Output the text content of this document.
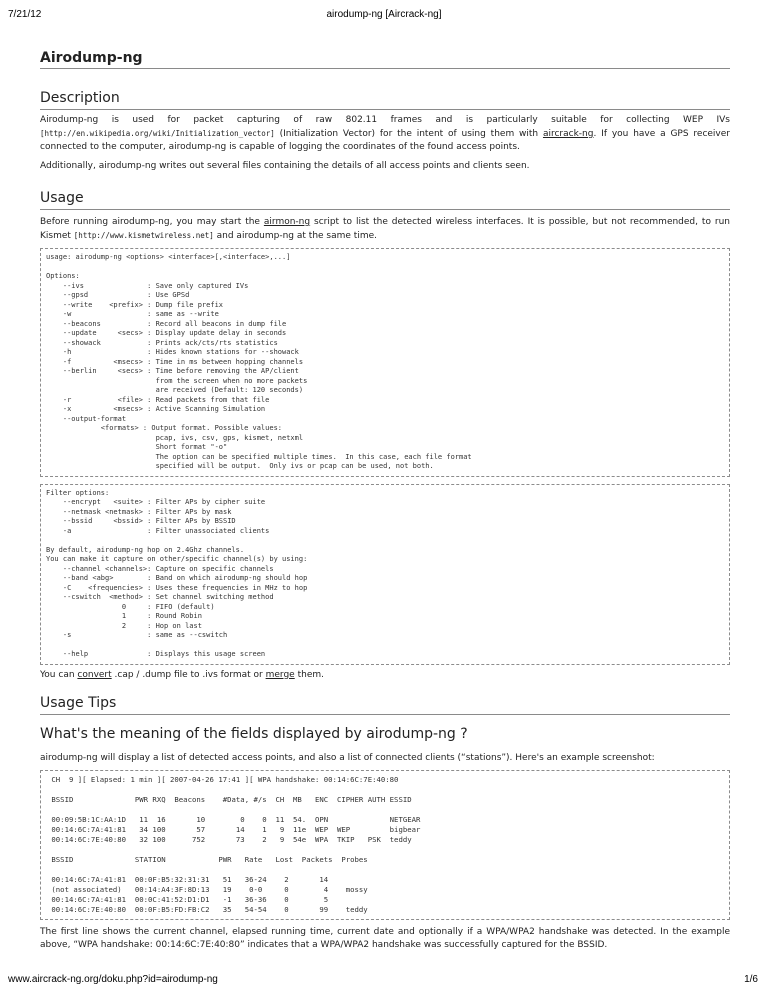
7/21/12	airodump-ng [Aircrack-ng]
Airodump-ng
Description

Airodump-ng is used for packet capturing of raw 802.11 frames and is particularly suitable for collecting WEP IVs [http://en.wikipedia.org/wiki/Initialization_vector] (Initialization Vector) for the intent of using them with aircrack-ng. If you have a GPS receiver connected to the computer, airodump-ng is capable of logging the coordinates of the found access points.

Additionally, airodump-ng writes out several files containing the details of all access points and clients seen.

Usage

Before running airodump-ng, you may start the airmon-ng script to list the detected wireless interfaces. It is possible, but not recommended, to run Kismet [http://www.kismetwireless.net] and airodump-ng at the same time.

usage: airodump-ng <options> <interface>[,<interface>,...]

Options:
--ivs               : Save only captured IVs
--gpsd              : Use GPSd
--write    <prefix> : Dump file prefix
-w                  : same as --write
--beacons           : Record all beacons in dump file
--update     <secs> : Display update delay in seconds
--showack           : Prints ack/cts/rts statistics
-h                  : Hides known stations for --showack
-f          <msecs> : Time in ms between hopping channels
--berlin     <secs> : Time before removing the AP/client
from the screen when no more packets
are received (Default: 120 seconds)
-r           <file> : Read packets from that file
-x          <msecs> : Active Scanning Simulation
--output-format
<formats> : Output format. Possible values:
pcap, ivs, csv, gps, kismet, netxml
Short format "-o"
The option can be specified multiple times.  In this case, each file format
specified will be output.  Only ivs or pcap can be used, not both.
Filter options:
--encrypt   <suite> : Filter APs by cipher suite
--netmask <netmask> : Filter APs by mask
--bssid     <bssid> : Filter APs by BSSID
-a                  : Filter unassociated clients

By default, airodump-ng hop on 2.4Ghz channels.
You can make it capture on other/specific channel(s) by using:
--channel <channels>: Capture on specific channels
--band <abg>        : Band on which airodump-ng should hop
-C    <frequencies> : Uses these frequencies in MHz to hop
--cswitch  <method> : Set channel switching method
0     : FIFO (default)
1     : Round Robin
2     : Hop on last
-s                  : same as --cswitch

--help              : Displays this usage screen

You can convert .cap / .dump file to .ivs format or merge them.

Usage Tips
What's the meaning of the fields displayed by airodump-ng ?

airodump-ng will display a list of detected access points, and also a list of connected clients (“stations”). Here's an example screenshot:

CH  9 ][ Elapsed: 1 min ][ 2007-04-26 17:41 ][ WPA handshake: 00:14:6C:7E:40:80

BSSID              PWR RXQ  Beacons    #Data, #/s  CH  MB   ENC  CIPHER AUTH ESSID

00:09:5B:1C:AA:1D   11  16       10        0    0  11  54.  OPN              NETGEAR
00:14:6C:7A:41:81   34 100       57       14    1   9  11e  WEP  WEP         bigbear
00:14:6C:7E:40:80   32 100      752       73    2   9  54e  WPA  TKIP   PSK  teddy

BSSID              STATION            PWR   Rate   Lost  Packets  Probes

00:14:6C:7A:41:81  00:0F:B5:32:31:31   51   36-24    2       14
(not associated)   00:14:A4:3F:8D:13   19    0-0     0        4    mossy
00:14:6C:7A:41:81  00:0C:41:52:D1:D1   -1   36-36    0        5
00:14:6C:7E:40:80  00:0F:B5:FD:FB:C2   35   54-54    0       99    teddy

The first line shows the current channel, elapsed running time, current date and optionally if a WPA/WPA2 handshake was detected. In the example above, “WPA handshake: 00:14:6C:7E:40:80” indicates that a WPA/WPA2 handshake was successfully captured for the BSSID.

www.aircrack-ng.org/doku.php?id=airodump-ng	1/6
